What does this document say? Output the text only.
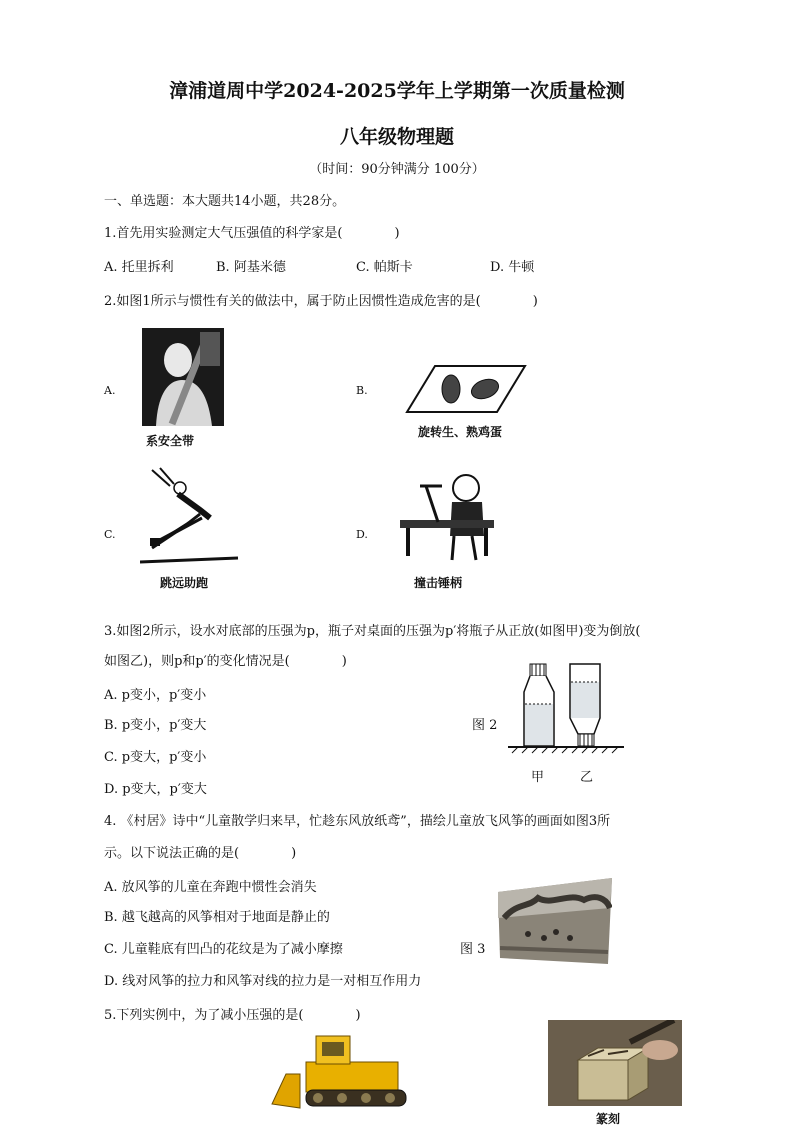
漳浦道周中学2024-2025学年上学期第一次质量检测
八年级物理题
（时间：90分钟满分 100分）
一、单选题：本大题共14小题，共28分。
1.首先用实验测定大气压强值的科学家是(　　　　)
A. 托里拆利	B. 阿基米德	C. 帕斯卡	D. 牛顿
2.如图1所示与惯性有关的做法中，属于防止因惯性造成危害的是(　　　　)
A.
系安全带
B.
旋转生、熟鸡蛋
C.
跳远助跑
D.
撞击锤柄
3.如图2所示，设水对底部的压强为p，瓶子对桌面的压强为p′将瓶子从正放(如图甲)变为倒放(
如图乙)，则p和p′的变化情况是(　　　　)
A. p变小，p′变小
B. p变小，p′变大
C. p变大，p′变小
D. p变大，p′变大
图 2
甲	乙
4. 《村居》诗中“儿童散学归来早，忙趁东风放纸鸢”，描绘儿童放飞风筝的画面如图3所
示。以下说法正确的是(　　　　)
A. 放风筝的儿童在奔跑中惯性会消失
B. 越飞越高的风筝相对于地面是静止的
C. 儿童鞋底有凹凸的花纹是为了减小摩擦
D. 线对风筝的拉力和风筝对线的拉力是一对相互作用力
图 3
5.下列实例中，为了减小压强的是(　　　　)
篆刻
